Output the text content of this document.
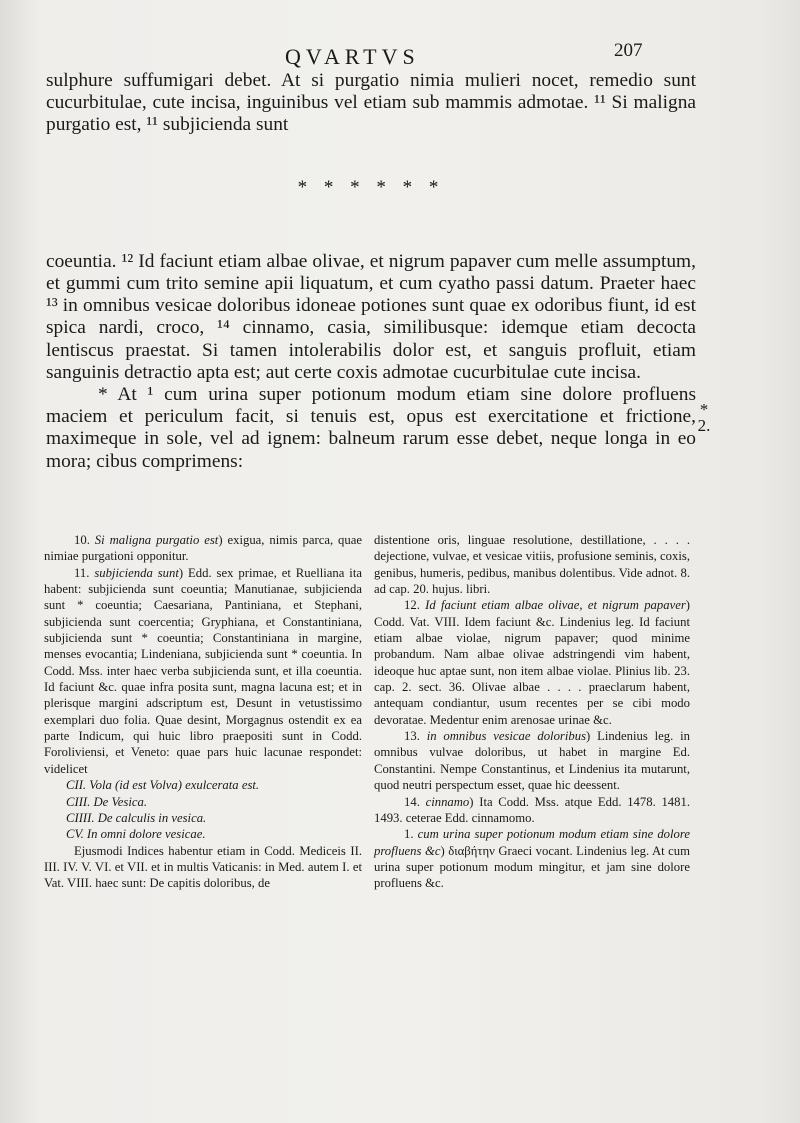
QVARTVS	207

sulphure suffumigari debet. At si purgatio nimia mulieri nocet, remedio sunt cucurbitulae, cute incisa, inguinibus vel etiam sub mammis admotae. ¹¹ Si maligna purgatio est, ¹¹ subjicienda sunt

* * * * * *

coeuntia. ¹² Id faciunt etiam albae olivae, et nigrum papaver cum melle assumptum, et gummi cum trito semine apii liquatum, et cum cyatho passi datum. Praeter haec ¹³ in omnibus vesicae doloribus idoneae potiones sunt quae ex odoribus fiunt, id est spica nardi, croco, ¹⁴ cinnamo, casia, similibusque: idemque etiam decocta lentiscus praestat. Si tamen intolerabilis dolor est, et sanguis profluit, etiam sanguinis detractio apta est; aut certe coxis admotae cucurbitulae cute incisa.

* At ¹ cum urina super potionum modum etiam sine dolore profluens maciem et periculum facit, si tenuis est, opus est exercitatione et frictione, maximeque in sole, vel ad ignem: balneum rarum esse debet, neque longa in eo mora; cibus comprimens:

*
2.

10. Si maligna purgatio est) exigua, nimis parca, quae nimiae purgationi opponitur.

11. subjicienda sunt) Edd. sex primae, et Ruelliana ita habent: subjicienda sunt coeuntia; Manutianae, subjicienda sunt * coeuntia; Caesariana, Pantiniana, et Stephani, subjicienda sunt coercentia; Gryphiana, et Constantiniana, subjicienda sunt * coeuntia; Constantiniana in margine, menses evocantia; Lindeniana, subjicienda sunt * coeuntia. In Codd. Mss. inter haec verba subjicienda sunt, et illa coeuntia. Id faciunt &c. quae infra posita sunt, magna lacuna est; et in plerisque margini adscriptum est, Desunt in vetustissimo exemplari duo folia. Quae desint, Morgagnus ostendit ex ea parte Indicum, qui huic libro praepositi sunt in Codd. Foroliviensi, et Veneto: quae pars huic lacunae respondet: videlicet

CII. Vola (id est Volva) exulcerata est.

CIII. De Vesica.

CIIII. De calculis in vesica.

CV. In omni dolore vesicae.

Ejusmodi Indices habentur etiam in Codd. Mediceis II. III. IV. V. VI. et VII. et in multis Vaticanis: in Med. autem I. et Vat. VIII. haec sunt: De capitis doloribus, de

distentione oris, linguae resolutione, destillatione, . . . . dejectione, vulvae, et vesicae vitiis, profusione seminis, coxis, genibus, humeris, pedibus, manibus dolentibus. Vide adnot. 8. ad cap. 20. hujus. libri.

12. Id faciunt etiam albae olivae, et nigrum papaver) Codd. Vat. VIII. Idem faciunt &c. Lindenius leg. Id faciunt etiam albae violae, nigrum papaver; quod minime probandum. Nam albae olivae adstringendi vim habent, ideoque huc aptae sunt, non item albae violae. Plinius lib. 23. cap. 2. sect. 36. Olivae albae . . . . praeclarum habent, antequam condiantur, usum recentes per se cibi modo devoratae. Medentur enim arenosae urinae &c.

13. in omnibus vesicae doloribus) Lindenius leg. in omnibus vulvae doloribus, ut habet in margine Ed. Constantini. Nempe Constantinus, et Lindenius ita mutarunt, quod neutri perspectum esset, quae hic deessent.

14. cinnamo) Ita Codd. Mss. atque Edd. 1478. 1481. 1493. ceterae Edd. cinnamomo.

1. cum urina super potionum modum etiam sine dolore profluens &c) διαβήτην Graeci vocant. Lindenius leg. At cum urina super potionum modum mingitur, et jam sine dolore profluens &c.
